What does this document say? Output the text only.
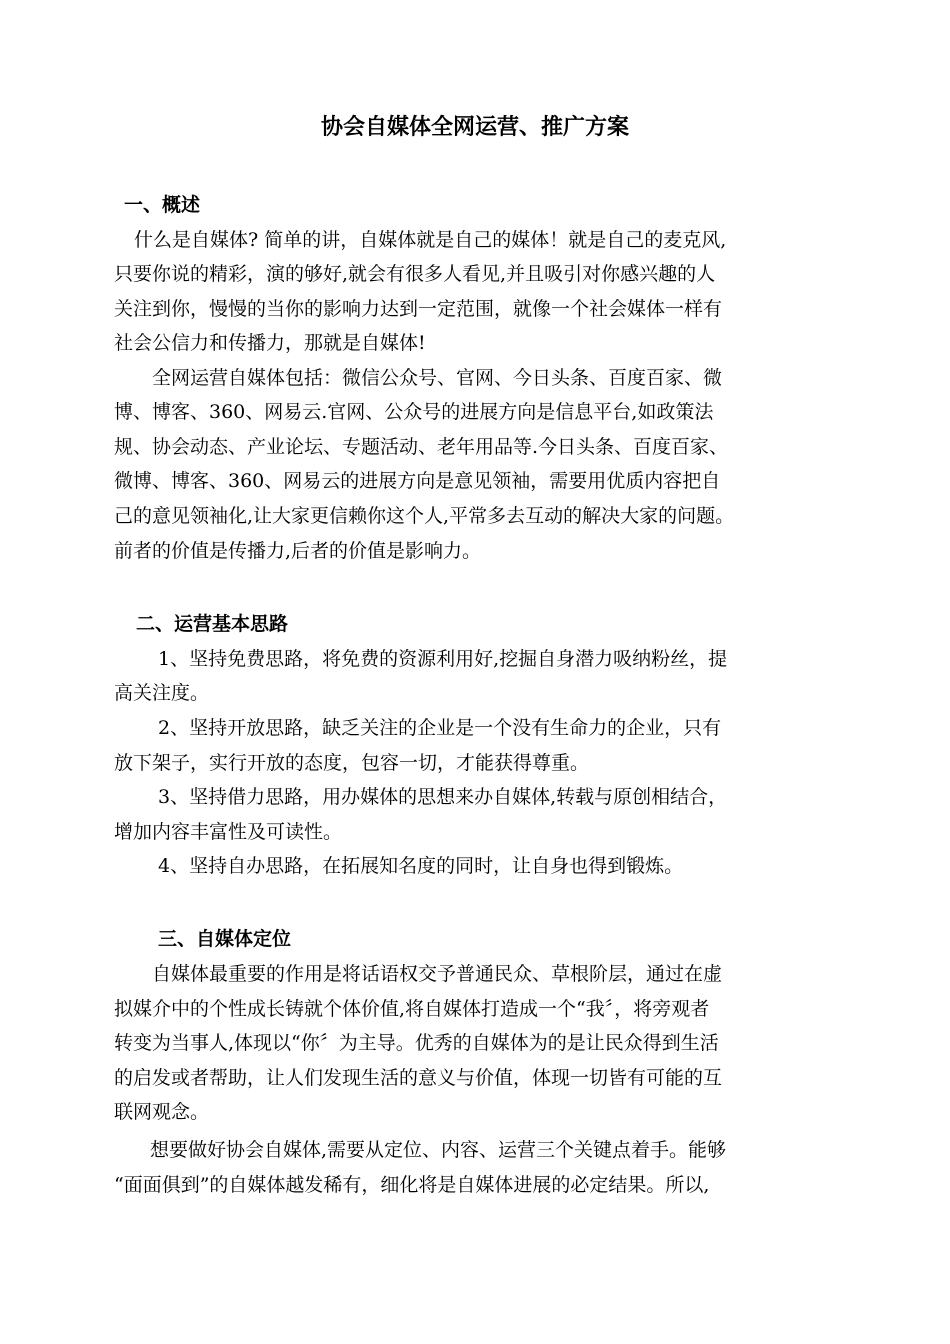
协会自媒体全网运营、推广方案
一、概述
什么是自媒体? 简单的讲，自媒体就是自己的媒体！就是自己的麦克风,
只要你说的精彩，演的够好,就会有很多人看见,并且吸引对你感兴趣的人
关注到你，慢慢的当你的影响力达到一定范围，就像一个社会媒体一样有
社会公信力和传播力，那就是自媒体!
全网运营自媒体包括：微信公众号、官网、今日头条、百度百家、微
博、博客、360、网易云.官网、公众号的进展方向是信息平台,如政策法
规、协会动态、产业论坛、专题活动、老年用品等.今日头条、百度百家、
微博、博客、360、网易云的进展方向是意见领袖，需要用优质内容把自
己的意见领袖化,让大家更信赖你这个人,平常多去互动的解决大家的问题。
前者的价值是传播力,后者的价值是影响力。
二、运营基本思路
1、坚持免费思路，将免费的资源利用好,挖掘自身潜力吸纳粉丝，提
高关注度。
2、坚持开放思路，缺乏关注的企业是一个没有生命力的企业，只有
放下架子，实行开放的态度，包容一切，才能获得尊重。
3、坚持借力思路，用办媒体的思想来办自媒体,转载与原创相结合，
增加内容丰富性及可读性。
4、坚持自办思路，在拓展知名度的同时，让自身也得到锻炼。
三、自媒体定位
自媒体最重要的作用是将话语权交予普通民众、草根阶层，通过在虚
拟媒介中的个性成长铸就个体价值,将自媒体打造成一个“我〞，将旁观者
转变为当事人,体现以“你〞为主导。优秀的自媒体为的是让民众得到生活
的启发或者帮助，让人们发现生活的意义与价值，体现一切皆有可能的互
联网观念。
想要做好协会自媒体,需要从定位、内容、运营三个关键点着手。能够
“面面俱到”的自媒体越发稀有，细化将是自媒体进展的必定结果。所以,
